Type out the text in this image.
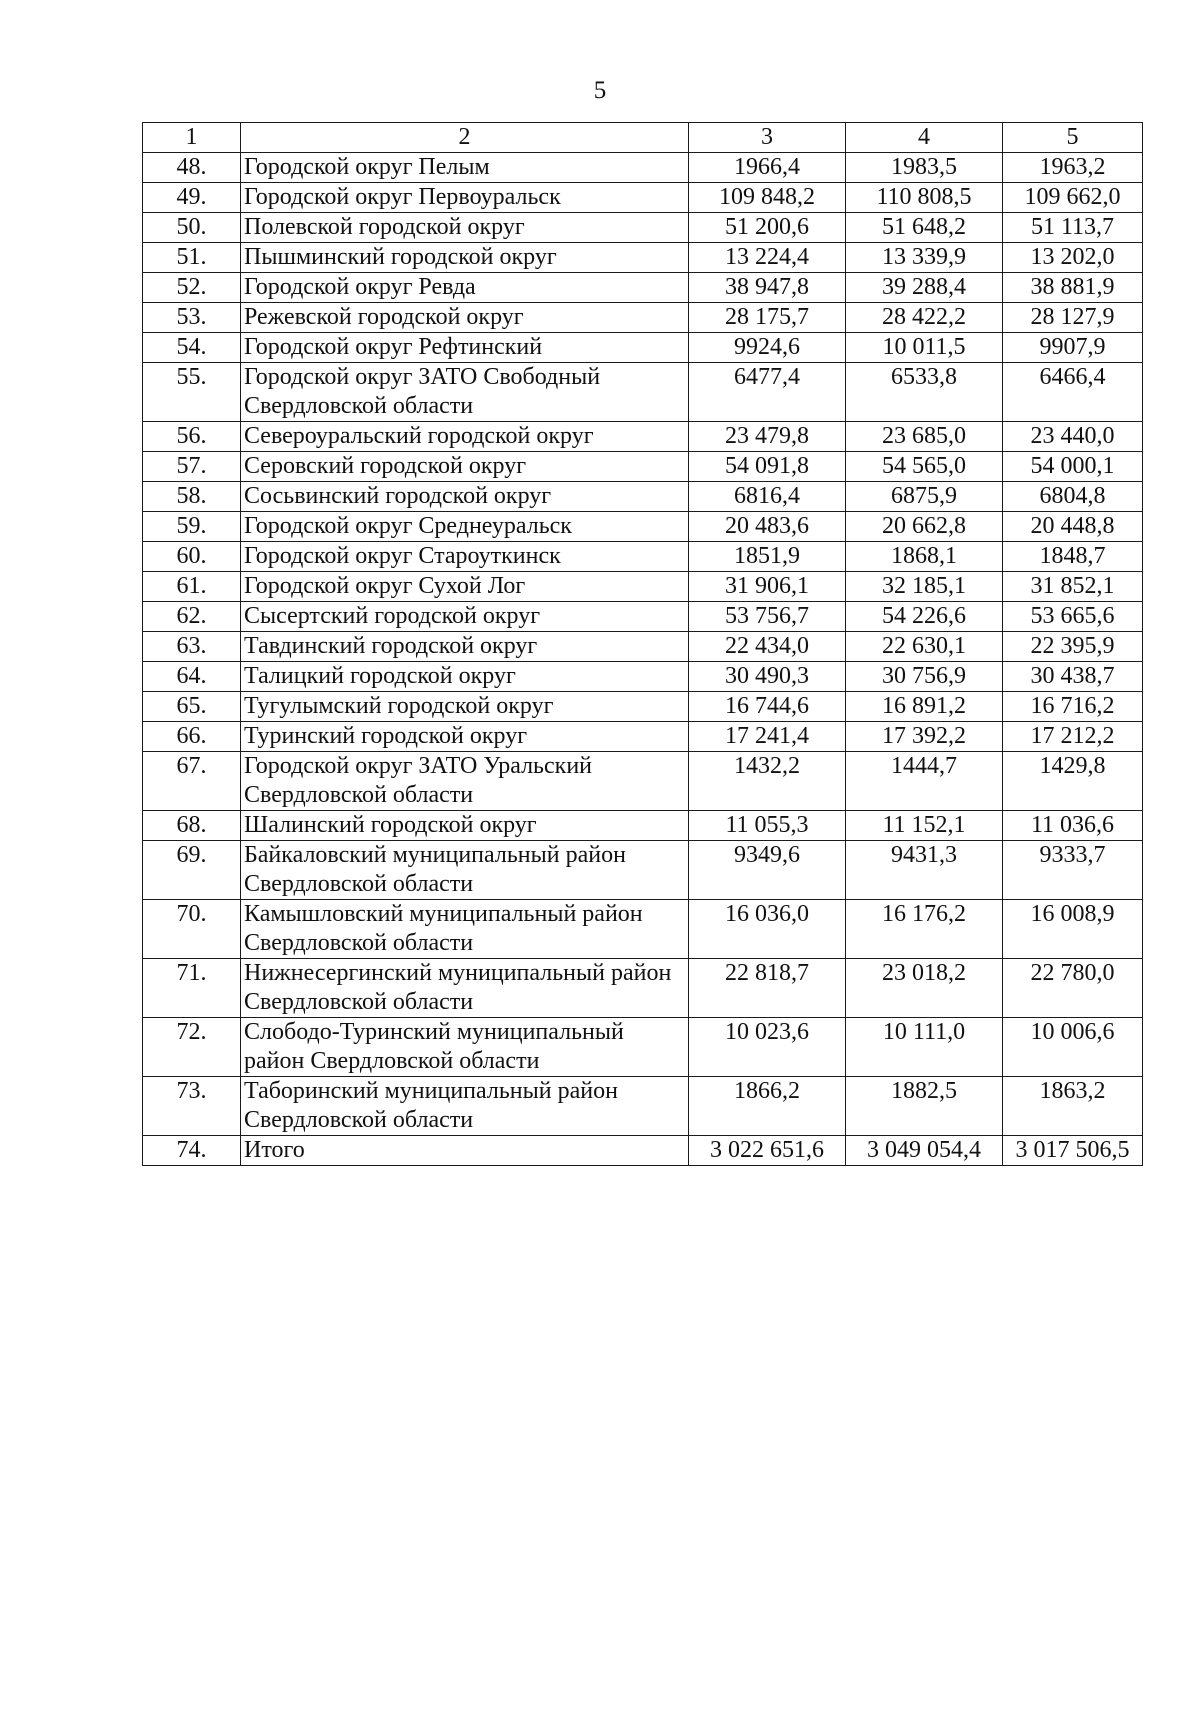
5
1	2	3	4	5
48.	Городской округ Пелым	1966,4	1983,5	1963,2
49.	Городской округ Первоуральск	109 848,2	110 808,5	109 662,0
50.	Полевской городской округ	51 200,6	51 648,2	51 113,7
51.	Пышминский городской округ	13 224,4	13 339,9	13 202,0
52.	Городской округ Ревда	38 947,8	39 288,4	38 881,9
53.	Режевской городской округ	28 175,7	28 422,2	28 127,9
54.	Городской округ Рефтинский	9924,6	10 011,5	9907,9
55.	Городской округ ЗАТО Свободный Свердловской области	6477,4	6533,8	6466,4
56.	Североуральский городской округ	23 479,8	23 685,0	23 440,0
57.	Серовский городской округ	54 091,8	54 565,0	54 000,1
58.	Сосьвинский городской округ	6816,4	6875,9	6804,8
59.	Городской округ Среднеуральск	20 483,6	20 662,8	20 448,8
60.	Городской округ Староуткинск	1851,9	1868,1	1848,7
61.	Городской округ Сухой Лог	31 906,1	32 185,1	31 852,1
62.	Сысертский городской округ	53 756,7	54 226,6	53 665,6
63.	Тавдинский городской округ	22 434,0	22 630,1	22 395,9
64.	Талицкий городской округ	30 490,3	30 756,9	30 438,7
65.	Тугулымский городской округ	16 744,6	16 891,2	16 716,2
66.	Туринский городской округ	17 241,4	17 392,2	17 212,2
67.	Городской округ ЗАТО Уральский Свердловской области	1432,2	1444,7	1429,8
68.	Шалинский городской округ	11 055,3	11 152,1	11 036,6
69.	Байкаловский муниципальный район Свердловской области	9349,6	9431,3	9333,7
70.	Камышловский муниципальный район Свердловской области	16 036,0	16 176,2	16 008,9
71.	Нижнесергинский муниципальный район Свердловской области	22 818,7	23 018,2	22 780,0
72.	Слободо-Туринский муниципальный район Свердловской области	10 023,6	10 111,0	10 006,6
73.	Таборинский муниципальный район Свердловской области	1866,2	1882,5	1863,2
74.	Итого	3 022 651,6	3 049 054,4	3 017 506,5
